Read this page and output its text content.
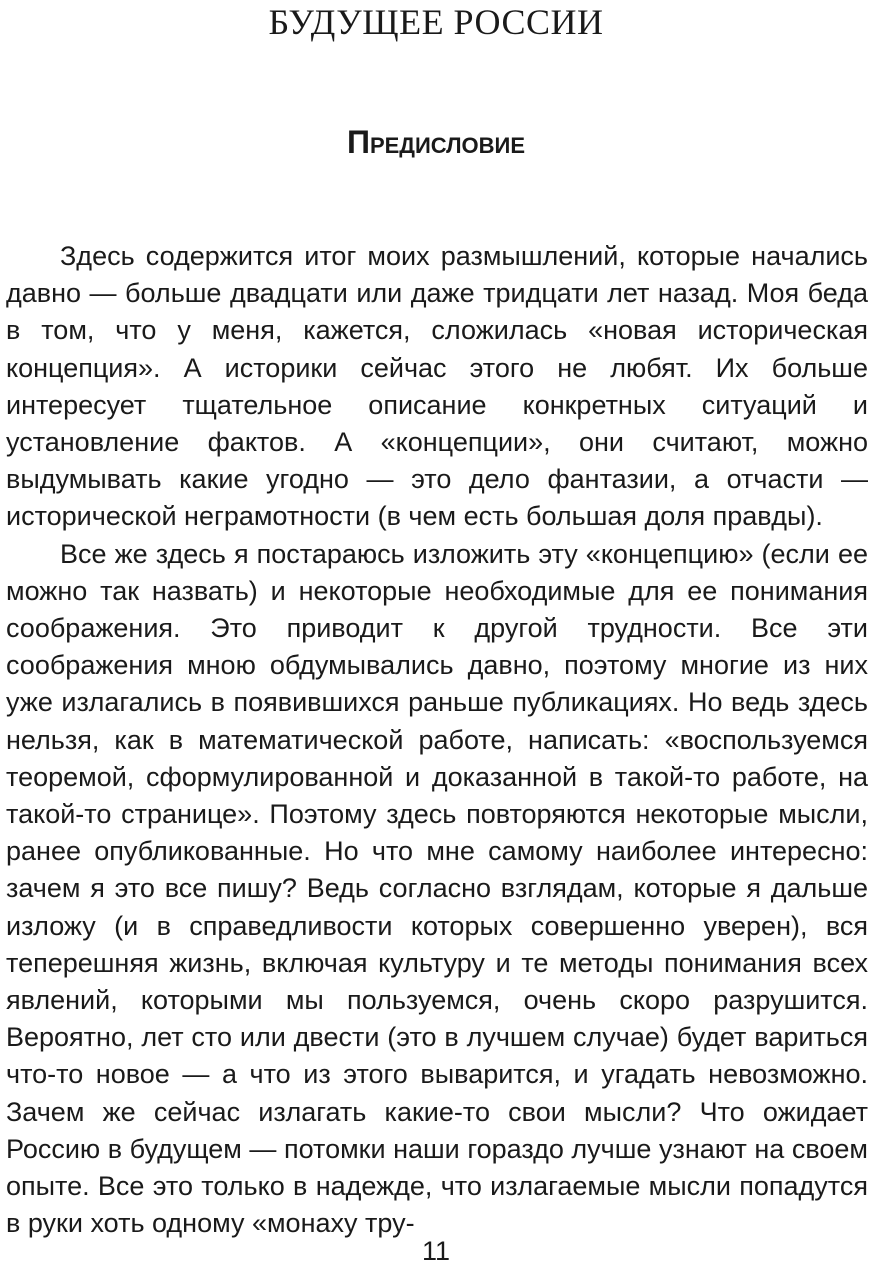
БУДУЩЕЕ РОССИИ
Предисловие

Здесь содержится итог моих размышлений, которые начались давно — больше двадцати или даже тридцати лет назад. Моя беда в том, что у меня, кажется, сложилась «новая историческая концепция». А историки сейчас этого не любят. Их больше интересует тщательное описание конкретных ситуаций и установление фактов. А «концепции», они считают, можно выдумывать какие угодно — это дело фантазии, а отчасти — исторической неграмотности (в чем есть большая доля правды).

Все же здесь я постараюсь изложить эту «концепцию» (если ее можно так назвать) и некоторые необходимые для ее понимания соображения. Это приводит к другой трудности. Все эти соображения мною обдумывались давно, поэтому многие из них уже излагались в появившихся раньше публикациях. Но ведь здесь нельзя, как в математической работе, написать: «воспользуемся теоремой, сформулированной и доказанной в такой-то работе, на такой-то странице». Поэтому здесь повторяются некоторые мысли, ранее опубликованные. Но что мне самому наиболее интересно: зачем я это все пишу? Ведь согласно взглядам, которые я дальше изложу (и в справедливости которых совершенно уверен), вся теперешняя жизнь, включая культуру и те методы понимания всех явлений, которыми мы пользуемся, очень скоро разрушится. Вероятно, лет сто или двести (это в лучшем случае) будет вариться что-то новое — а что из этого выварится, и угадать невозможно. Зачем же сейчас излагать какие-то свои мысли? Что ожидает Россию в будущем — потомки наши гораздо лучше узнают на своем опыте. Все это только в надежде, что излагаемые мысли попадутся в руки хоть одному «монаху тру-

11
